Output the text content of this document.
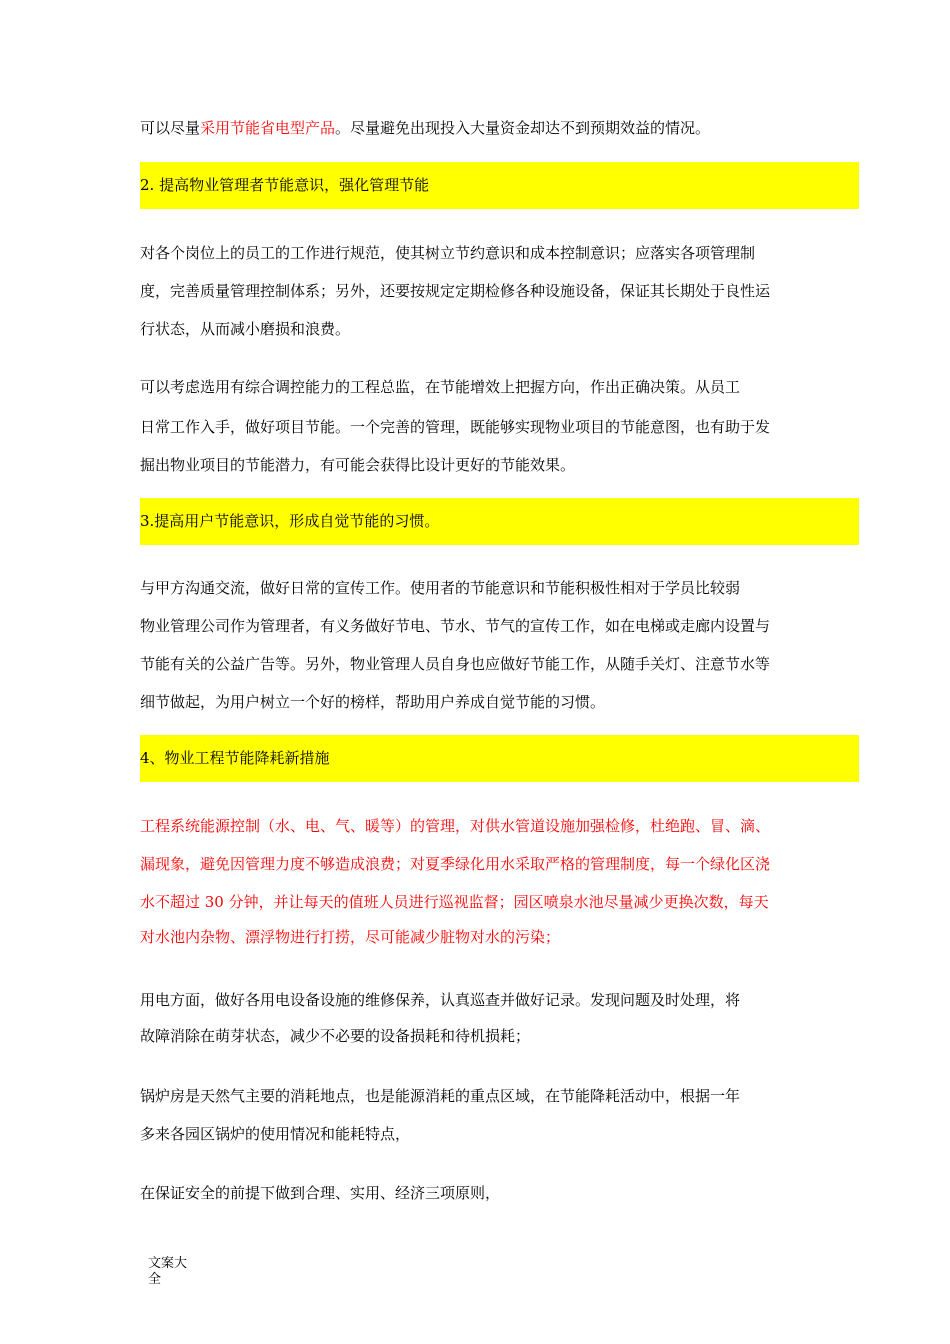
可以尽量采用节能省电型产品。尽量避免出现投入大量资金却达不到预期效益的情况。
2. 提高物业管理者节能意识，强化管理节能
对各个岗位上的员工的工作进行规范，使其树立节约意识和成本控制意识；应落实各项管理制
度，完善质量管理控制体系；另外，还要按规定定期检修各种设施设备，保证其长期处于良性运
行状态，从而减小磨损和浪费。
可以考虑选用有综合调控能力的工程总监，在节能增效上把握方向，作出正确决策。从员工
日常工作入手，做好项目节能。一个完善的管理，既能够实现物业项目的节能意图，也有助于发
掘出物业项目的节能潜力，有可能会获得比设计更好的节能效果。
3.提高用户节能意识，形成自觉节能的习惯。
与甲方沟通交流，做好日常的宣传工作。使用者的节能意识和节能积极性相对于学员比较弱
物业管理公司作为管理者，有义务做好节电、节水、节气的宣传工作，如在电梯或走廊内设置与
节能有关的公益广告等。另外，物业管理人员自身也应做好节能工作，从随手关灯、注意节水等
细节做起，为用户树立一个好的榜样，帮助用户养成自觉节能的习惯。
4、物业工程节能降耗新措施
工程系统能源控制（水、电、气、暖等）的管理，对供水管道设施加强检修，杜绝跑、冒、滴、
漏现象，避免因管理力度不够造成浪费；对夏季绿化用水采取严格的管理制度，每一个绿化区浇
水不超过 30 分钟，并让每天的值班人员进行巡视监督；园区喷泉水池尽量减少更换次数，每天
对水池内杂物、漂浮物进行打捞，尽可能减少脏物对水的污染；
用电方面，做好各用电设备设施的维修保养，认真巡查并做好记录。发现问题及时处理，将
故障消除在萌芽状态，减少不必要的设备损耗和待机损耗；
锅炉房是天然气主要的消耗地点，也是能源消耗的重点区域，在节能降耗活动中，根据一年
多来各园区锅炉的使用情况和能耗特点，
在保证安全的前提下做到合理、实用、经济三项原则，
文案大全
